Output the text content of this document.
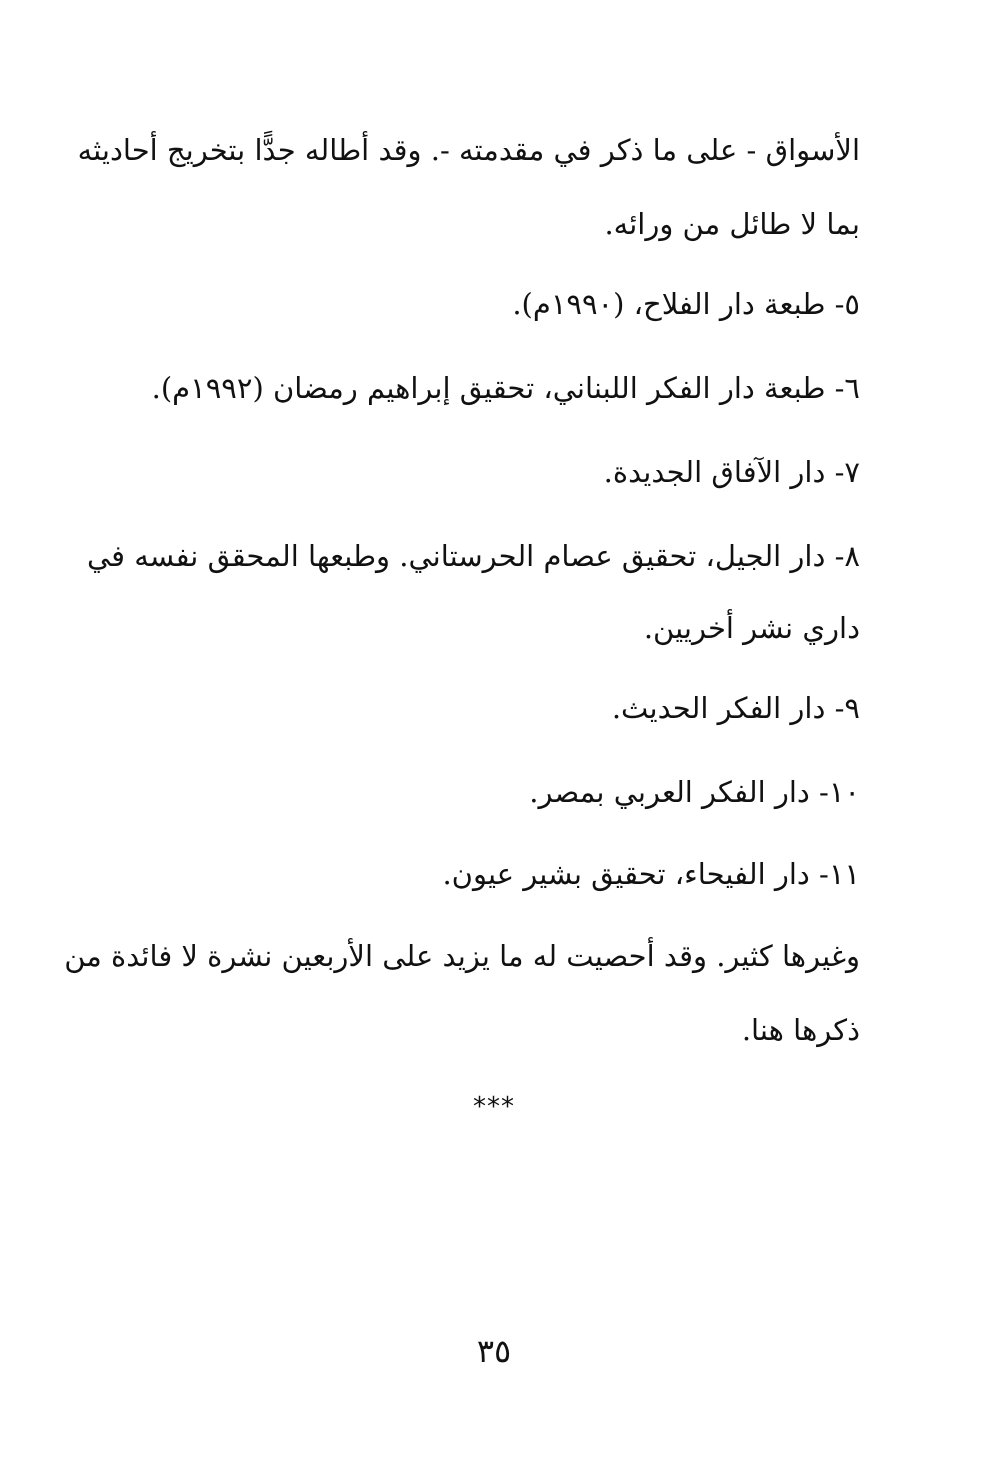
الأسواق - على ما ذكر في مقدمته -. وقد أطاله جدًّا بتخريج أحاديثه
بما لا طائل من ورائه.
٥- طبعة دار الفلاح، (١٩٩٠م).
٦- طبعة دار الفكر اللبناني، تحقيق إبراهيم رمضان (١٩٩٢م).
٧- دار الآفاق الجديدة.
٨- دار الجيل، تحقيق عصام الحرستاني. وطبعها المحقق نفسه في
داري نشر أخريين.
٩- دار الفكر الحديث.
١٠- دار الفكر العربي بمصر.
١١- دار الفيحاء، تحقيق بشير عيون.
وغيرها كثير. وقد أحصيت له ما يزيد على الأربعين نشرة لا فائدة من
ذكرها هنا.
***
٣٥
